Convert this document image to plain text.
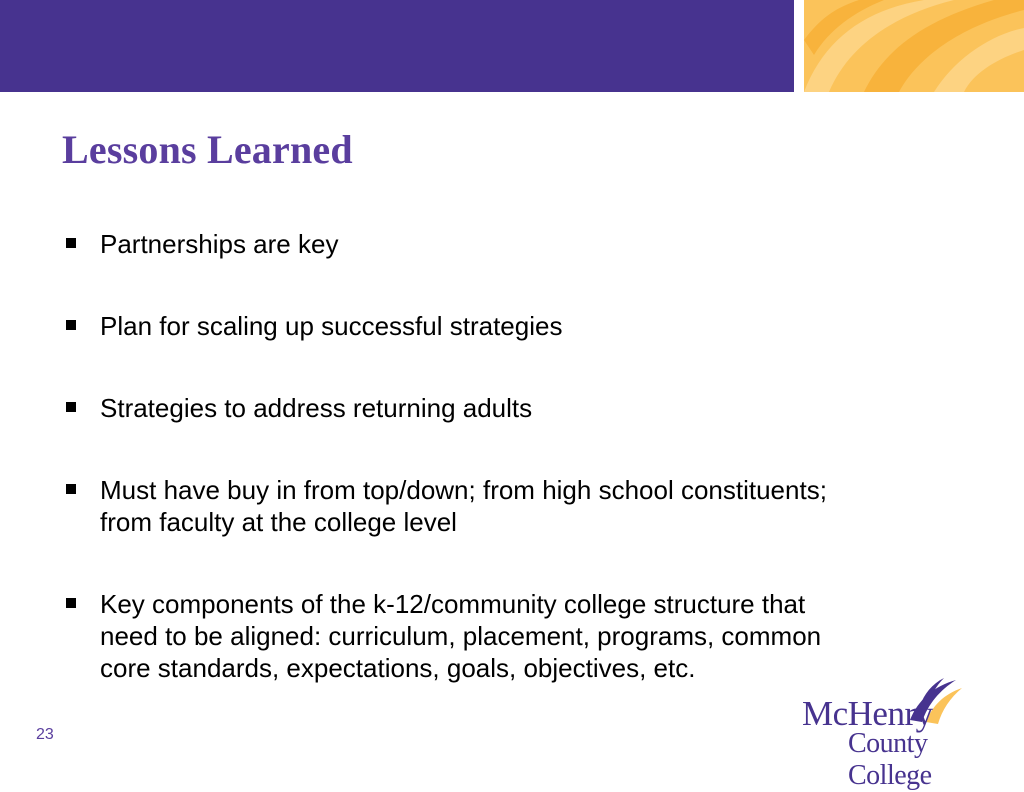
Lessons Learned
Partnerships are key
Plan for scaling up successful strategies
Strategies to address returning adults
Must have buy in from top/down; from high school constituents; from faculty at the college level
Key components of the k-12/community college structure that need to be aligned: curriculum, placement, programs, common core standards, expectations, goals, objectives, etc.
23
McHenry
County College
